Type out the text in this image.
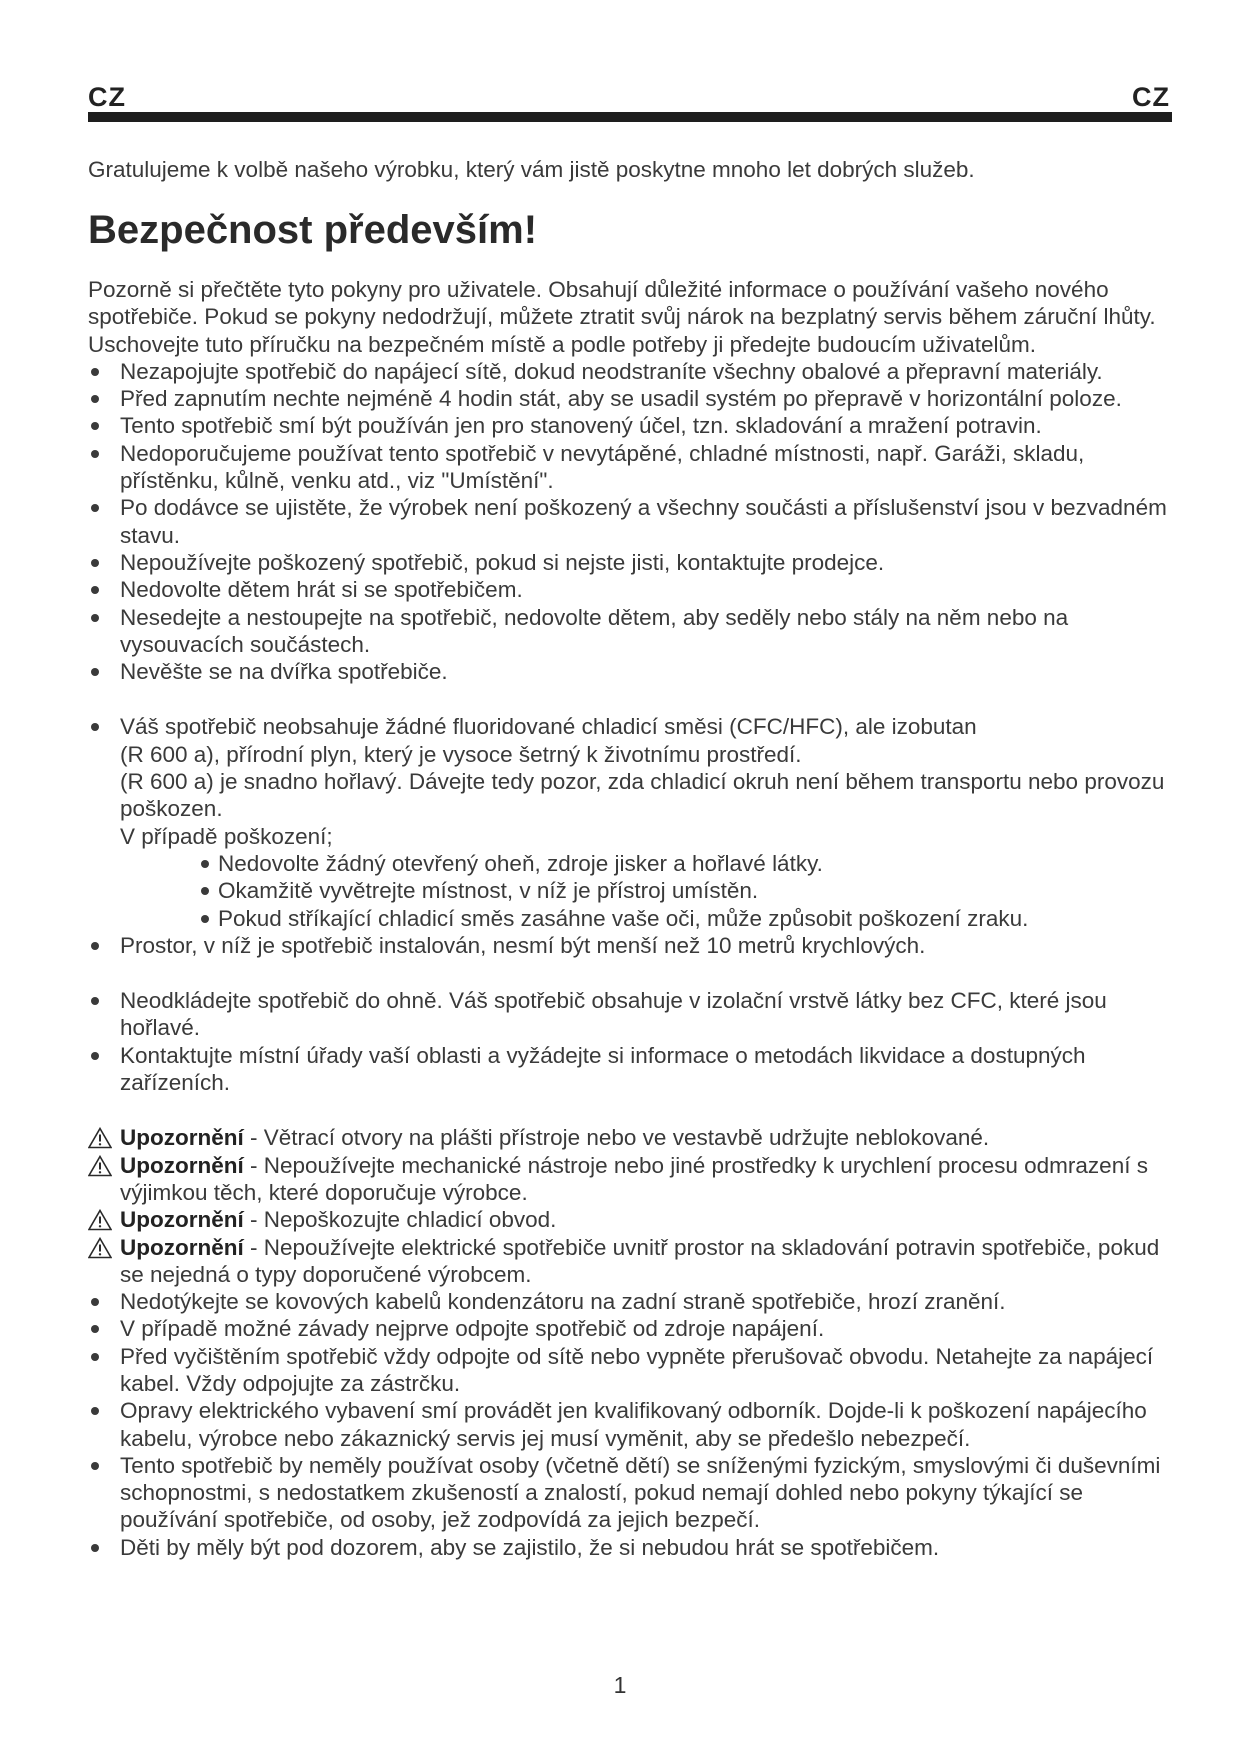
CZ	CZ
Gratulujeme k volbě našeho výrobku, který vám jistě poskytne mnoho let dobrých služeb.
Bezpečnost především!

Pozorně si přečtěte tyto pokyny pro uživatele. Obsahují důležité informace o používání vašeho nového spotřebiče. Pokud se pokyny nedodržují, můžete ztratit svůj nárok na bezplatný servis během záruční lhůty. Uschovejte tuto příručku na bezpečném místě a podle potřeby ji předejte budoucím uživatelům.

Nezapojujte spotřebič do napájecí sítě, dokud neodstraníte všechny obalové a přepravní materiály.
Před zapnutím nechte nejméně 4 hodin stát, aby se usadil systém po přepravě v horizontální poloze.
Tento spotřebič smí být používán jen pro stanovený účel, tzn. skladování a mražení potravin.
Nedoporučujeme používat tento spotřebič v nevytápěné, chladné místnosti, např. Garáži, skladu, přístěnku, kůlně, venku atd., viz "Umístění".
Po dodávce se ujistěte, že výrobek není poškozený a všechny součásti a příslušenství jsou v bezvadném stavu.
Nepoužívejte poškozený spotřebič, pokud si nejste jisti, kontaktujte prodejce.
Nedovolte dětem hrát si se spotřebičem.
Nesedejte a nestoupejte na spotřebič, nedovolte dětem, aby seděly nebo stály na něm nebo na vysouvacích součástech.
Nevěšte se na dvířka spotřebiče.
Váš spotřebič neobsahuje žádné fluoridované chladicí směsi (CFC/HFC), ale izobutan
(R 600 a), přírodní plyn, který je vysoce šetrný k životnímu prostředí.
(R 600 a) je snadno hořlavý. Dávejte tedy pozor, zda chladicí okruh není během transportu nebo provozu poškozen.
V případě poškození;
Nedovolte žádný otevřený oheň, zdroje jisker a hořlavé látky.
Okamžitě vyvětrejte místnost, v níž je přístroj umístěn.
Pokud stříkající chladicí směs zasáhne vaše oči, může způsobit poškození zraku.
Prostor, v níž je spotřebič instalován, nesmí být menší než 10 metrů krychlových.
Neodkládejte spotřebič do ohně. Váš spotřebič obsahuje v izolační vrstvě látky bez CFC, které jsou hořlavé.
Kontaktujte místní úřady vaší oblasti a vyžádejte si informace o metodách likvidace a dostupných zařízeních.
Upozornění - Větrací otvory na plášti přístroje nebo ve vestavbě udržujte neblokované.
Upozornění - Nepoužívejte mechanické nástroje nebo jiné prostředky k urychlení procesu odmrazení s výjimkou těch, které doporučuje výrobce.
Upozornění - Nepoškozujte chladicí obvod.
Upozornění - Nepoužívejte elektrické spotřebiče uvnitř prostor na skladování potravin spotřebiče, pokud se nejedná o typy doporučené výrobcem.
Nedotýkejte se kovových kabelů kondenzátoru na zadní straně spotřebiče, hrozí zranění.
V případě možné závady nejprve odpojte spotřebič od zdroje napájení.
Před vyčištěním spotřebič vždy odpojte od sítě nebo vypněte přerušovač obvodu. Netahejte za napájecí kabel. Vždy odpojujte za zástrčku.
Opravy elektrického vybavení smí provádět jen kvalifikovaný odborník. Dojde-li k poškození napájecího kabelu, výrobce nebo zákaznický servis jej musí vyměnit, aby se předešlo nebezpečí.
Tento spotřebič by neměly používat osoby (včetně dětí) se sníženými fyzickým, smyslovými či duševními schopnostmi, s nedostatkem zkušeností a znalostí, pokud nemají dohled nebo pokyny týkající se používání spotřebiče, od osoby, jež zodpovídá za jejich bezpečí.
Děti by měly být pod dozorem, aby se zajistilo, že si nebudou hrát se spotřebičem.
1
